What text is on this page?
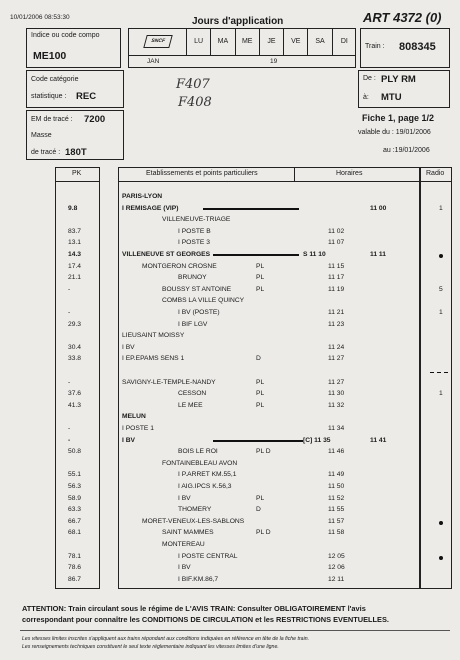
10/01/2006 08:53:30	Jours d'application	ART 4372 (0)
Indice ou code compo
ME100
SNCF	LU	MA	ME	JE	VE	SA	DI
JAN	19
Train : 808345
Code catégorie
statistique : REC
F407
F408
De : PLY RM
à: MTU
EM de tracé : 7200
Masse
de tracé : 180T
Fiche 1, page 1/2
valable du : 19/01/2006
au :19/01/2006
PK	Etablissements et points particuliers	Horaires	Radio
PARIS-LYON
9.8	I REMISAGE (VIP)	11 00	1
VILLENEUVE-TRIAGE
83.7	I POSTE B	11 02
13.1	I POSTE 3	11 07
14.3	VILLENEUVE ST GEORGES	S 11 10	11 11
17.4	MONTGERON CROSNE	PL	11 15
21.1	BRUNOY	PL	11 17
-	BOUSSY ST ANTOINE	PL	11 19	5
COMBS LA VILLE QUINCY
-	I BV (POSTE)	11 21	1
29.3	I BIF LGV	11 23
LIEUSAINT MOISSY
30.4	I BV	11 24
33.8	I EP.EPAMS SENS 1	D	11 27
-	SAVIGNY-LE-TEMPLE-NANDY	PL	11 27
37.6	CESSON	PL	11 30	1
41.3	LE MEE	PL	11 32
MELUN
-	I POSTE 1	11 34
-	I BV	[C] 11 35	11 41
50.8	BOIS LE ROI	PL D	11 46
FONTAINEBLEAU AVON
55.1	I P.ARRET KM.55,1	11 49
56.3	I AIG.IPCS K.56,3	11 50
58.9	I BV	PL	11 52
63.3	THOMERY	D	11 55
66.7	MORET-VENEUX-LES-SABLONS	11 57
68.1	SAINT MAMMES	PL D	11 58
MONTEREAU
78.1	I POSTE CENTRAL	12 05
78.6	I BV	12 06
86.7	I BIF.KM.86,7	12 11
ATTENTION: Train circulant sous le régime de L'AVIS TRAIN: Consulter OBLIGATOIREMENT l'avis
correspondant pour connaître les CONDITIONS DE CIRCULATION et les RESTRICTIONS EVENTUELLES.
Les vitesses limites inscrites s'appliquent aux trains répondant aux conditions indiquées en référence en tête de la fiche train.
Les renseignements techniques constituent le seul texte réglementaire indiquant les vitesses limites d'une ligne.
